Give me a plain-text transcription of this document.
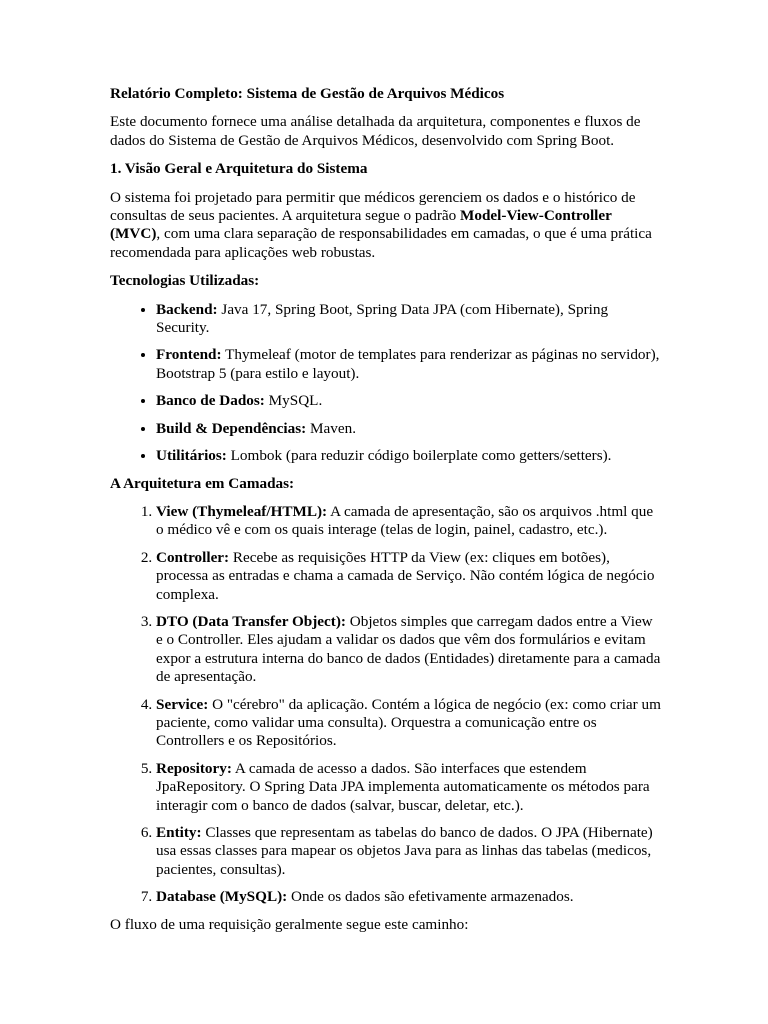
Relatório Completo: Sistema de Gestão de Arquivos Médicos

Este documento fornece uma análise detalhada da arquitetura, componentes e fluxos de dados do Sistema de Gestão de Arquivos Médicos, desenvolvido com Spring Boot.

1. Visão Geral e Arquitetura do Sistema

O sistema foi projetado para permitir que médicos gerenciem os dados e o histórico de consultas de seus pacientes. A arquitetura segue o padrão Model-View-Controller (MVC), com uma clara separação de responsabilidades em camadas, o que é uma prática recomendada para aplicações web robustas.

Tecnologias Utilizadas:

• Backend: Java 17, Spring Boot, Spring Data JPA (com Hibernate), Spring Security.
• Frontend: Thymeleaf (motor de templates para renderizar as páginas no servidor), Bootstrap 5 (para estilo e layout).
• Banco de Dados: MySQL.
• Build & Dependências: Maven.
• Utilitários: Lombok (para reduzir código boilerplate como getters/setters).

A Arquitetura em Camadas:

1. View (Thymeleaf/HTML): A camada de apresentação, são os arquivos .html que o médico vê e com os quais interage (telas de login, painel, cadastro, etc.).
2. Controller: Recebe as requisições HTTP da View (ex: cliques em botões), processa as entradas e chama a camada de Serviço. Não contém lógica de negócio complexa.
3. DTO (Data Transfer Object): Objetos simples que carregam dados entre a View e o Controller. Eles ajudam a validar os dados que vêm dos formulários e evitam expor a estrutura interna do banco de dados (Entidades) diretamente para a camada de apresentação.
4. Service: O "cérebro" da aplicação. Contém a lógica de negócio (ex: como criar um paciente, como validar uma consulta). Orquestra a comunicação entre os Controllers e os Repositórios.
5. Repository: A camada de acesso a dados. São interfaces que estendem JpaRepository. O Spring Data JPA implementa automaticamente os métodos para interagir com o banco de dados (salvar, buscar, deletar, etc.).
6. Entity: Classes que representam as tabelas do banco de dados. O JPA (Hibernate) usa essas classes para mapear os objetos Java para as linhas das tabelas (medicos, pacientes, consultas).
7. Database (MySQL): Onde os dados são efetivamente armazenados.

O fluxo de uma requisição geralmente segue este caminho:
